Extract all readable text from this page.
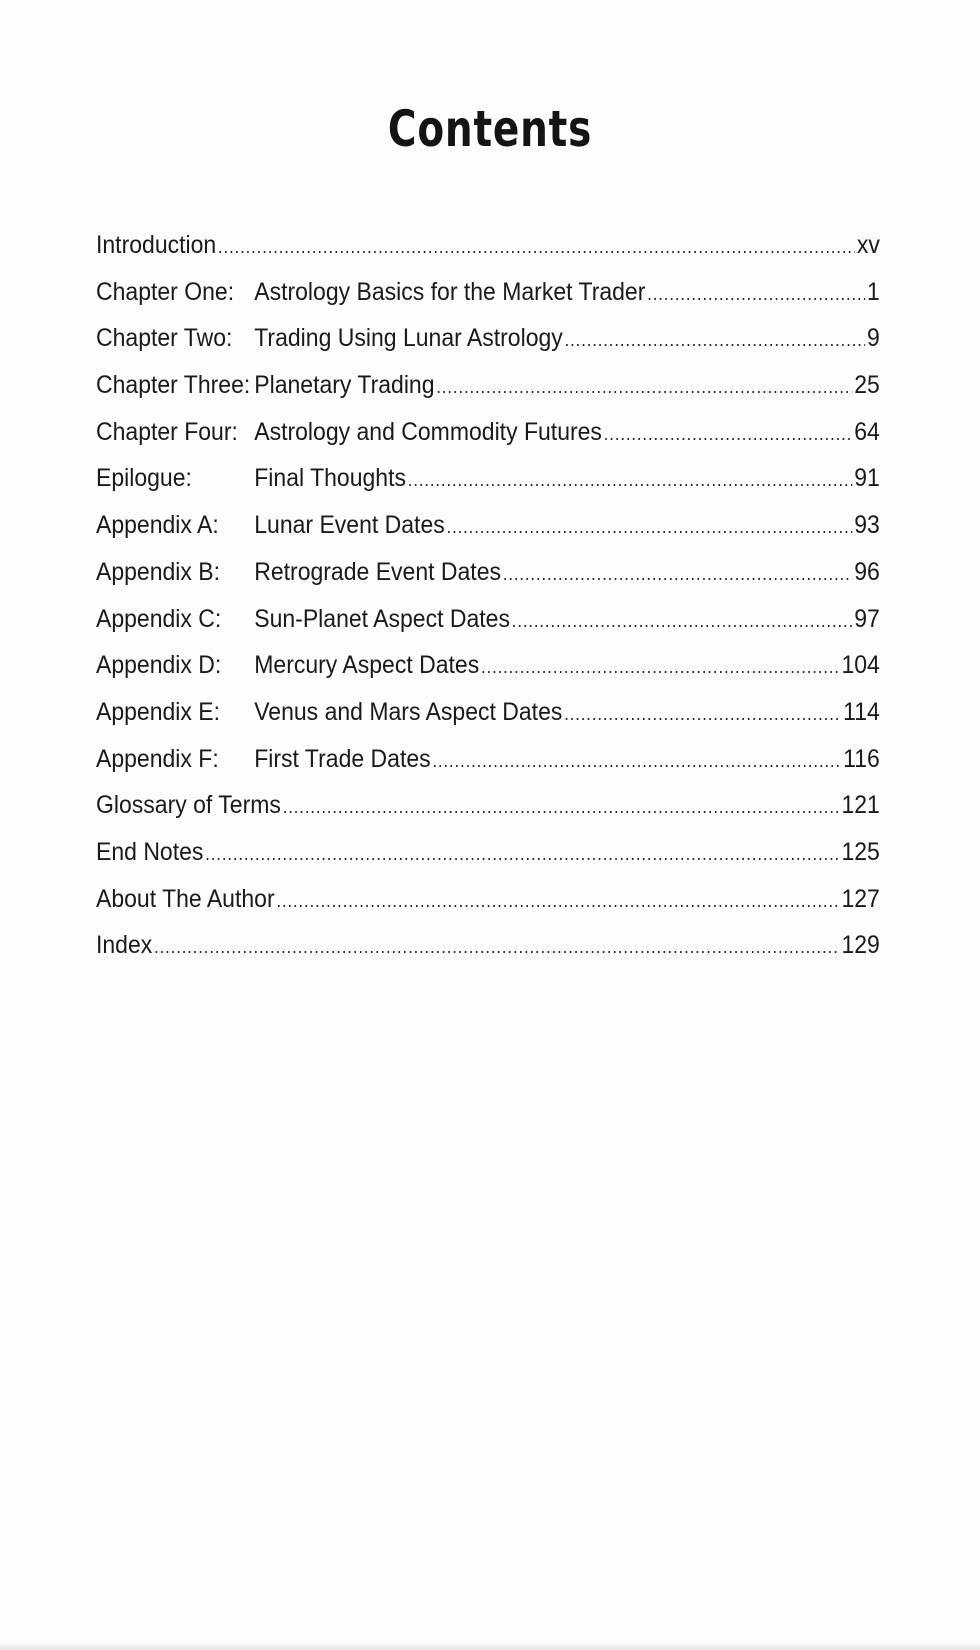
Contents
Introduction .....	xv
Chapter One: Astrology Basics for the Market Trader .....	1
Chapter Two: Trading Using Lunar Astrology .....	9
Chapter Three: Planetary Trading .....	25
Chapter Four: Astrology and Commodity Futures .....	64
Epilogue:	Final Thoughts .....	91
Appendix A:	Lunar Event Dates .....	93
Appendix B:	Retrograde Event Dates .....	96
Appendix C:	Sun-Planet Aspect Dates .....	97
Appendix D:	Mercury Aspect Dates .....	104
Appendix E:	Venus and Mars Aspect Dates .....	114
Appendix F:	First Trade Dates .....	116
Glossary of Terms .....	121
End Notes .....	125
About The Author .....	127
Index .....	129
